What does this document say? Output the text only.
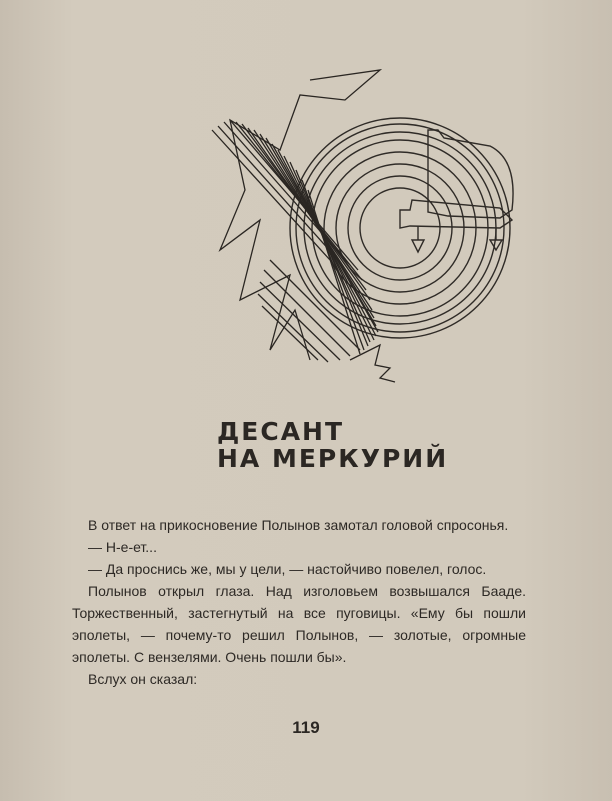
ДЕСАНТ
НА МЕРКУРИЙ

В ответ на прикосновение Полынов замотал головой спросонья.

— Н-е-ет...

— Да проснись же, мы у цели, — настойчиво повелел, голос.

Полынов открыл глаза. Над изголовьем возвышался Бааде. Торжественный, застегнутый на все пуговицы. «Ему бы пошли эполеты, — почему-то решил Полынов, — золотые, огромные эполеты. С вензелями. Очень пошли бы».

Вслух он сказал:

119
